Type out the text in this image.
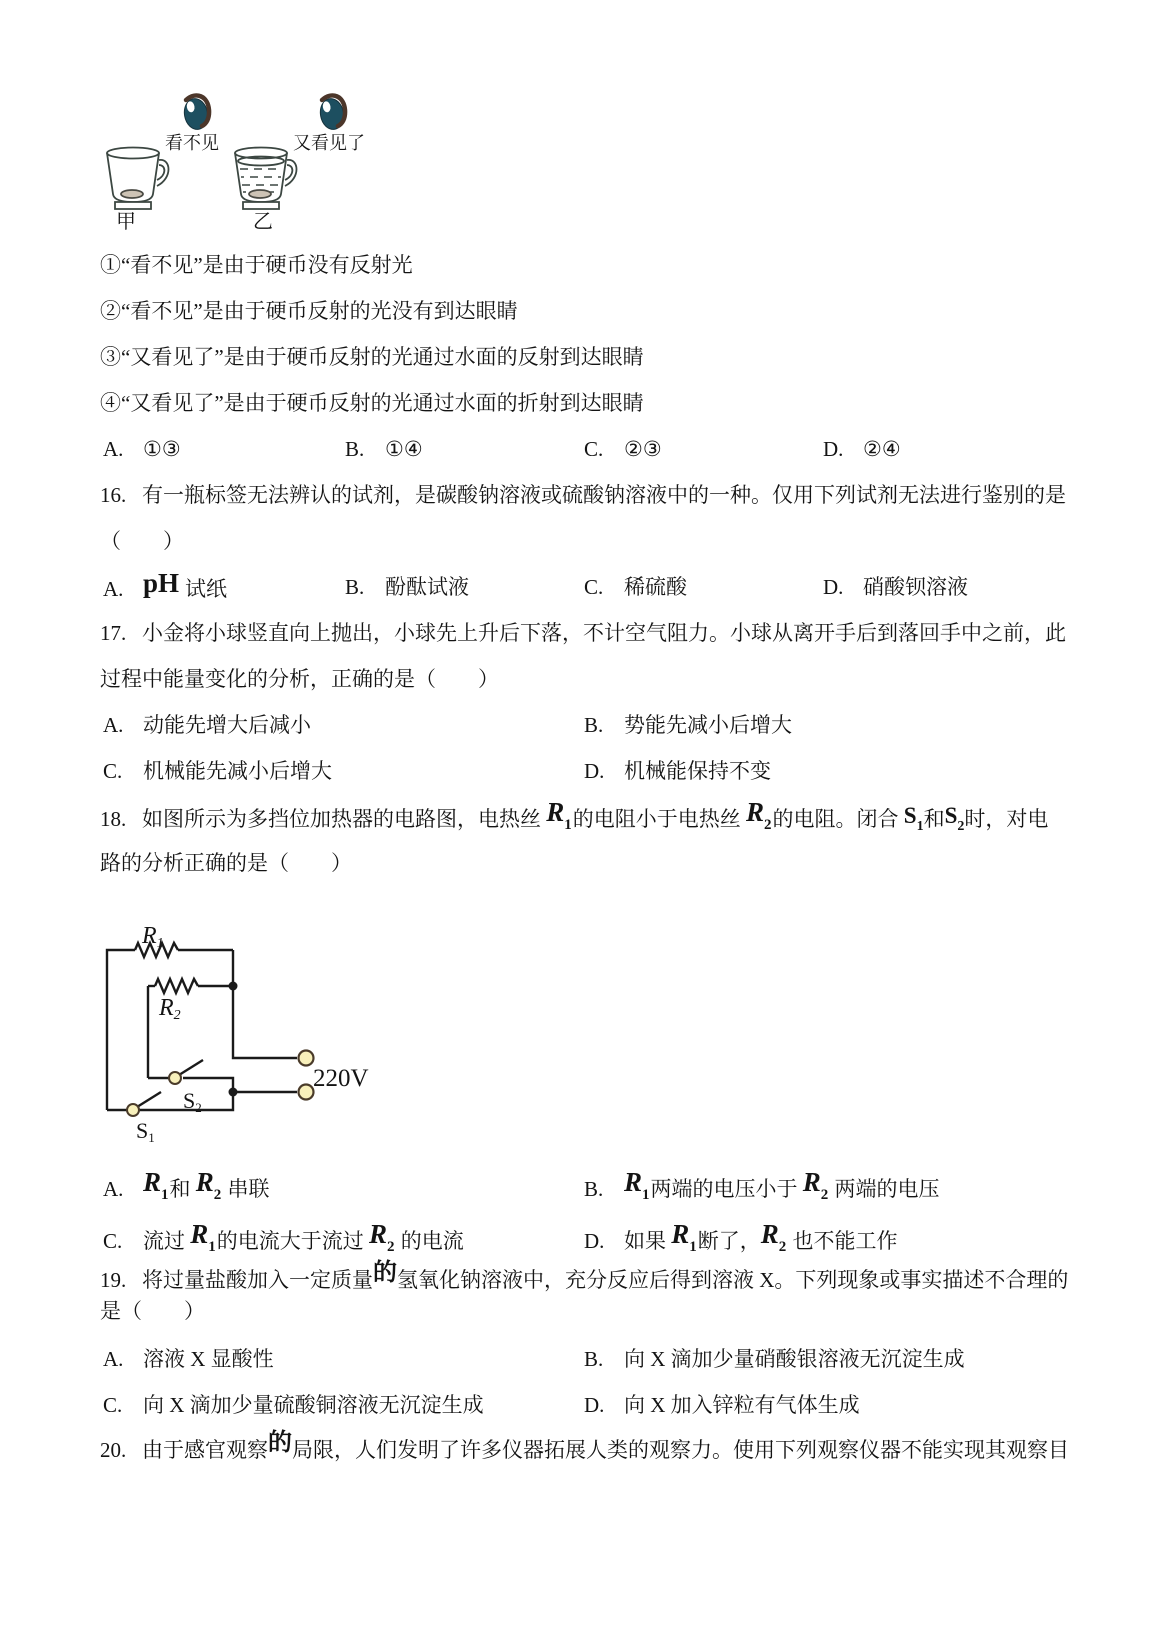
看不见	又看见了
甲	乙
①“看不见”是由于硬币没有反射光
②“看不见”是由于硬币反射的光没有到达眼睛
③“又看见了”是由于硬币反射的光通过水面的反射到达眼睛
④“又看见了”是由于硬币反射的光通过水面的折射到达眼睛
A. ①③	B. ①④	C. ②③	D. ②④
16. 有一瓶标签无法辨认的试剂，是碳酸钠溶液或硫酸钠溶液中的一种。仅用下列试剂无法进行鉴别的是
（　　）
A. pH 试纸	B. 酚酞试液	C. 稀硫酸	D. 硝酸钡溶液
17. 小金将小球竖直向上抛出，小球先上升后下落，不计空气阻力。小球从离开手后到落回手中之前，此
过程中能量变化的分析，正确的是（　　）
A. 动能先增大后减小	B. 势能先减小后增大
C. 机械能先减小后增大	D. 机械能保持不变
18. 如图所示为多挡位加热器的电路图，电热丝 R1的电阻小于电热丝 R2的电阻。闭合 S1和S2时，对电
路的分析正确的是（　　）
R1
R2
S2
S1
220V
A. R1和 R2 串联	B. R1两端的电压小于 R2 两端的电压
C. 流过 R1的电流大于流过 R2 的电流	D. 如果 R1断了，R2 也不能工作
19. 将过量盐酸加入一定质量的氢氧化钠溶液中，充分反应后得到溶液 X。下列现象或事实描述不合理的
是（　　）
A. 溶液 X 显酸性	B. 向 X 滴加少量硝酸银溶液无沉淀生成
C. 向 X 滴加少量硫酸铜溶液无沉淀生成	D. 向 X 加入锌粒有气体生成
20. 由于感官观察的局限，人们发明了许多仪器拓展人类的观察力。使用下列观察仪器不能实现其观察目
